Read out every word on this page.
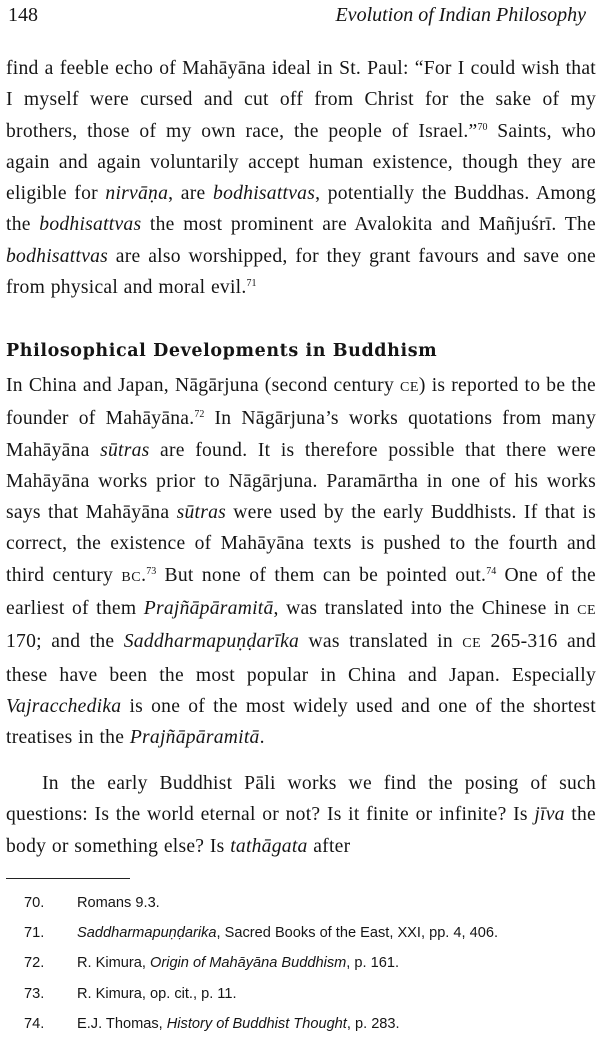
148	Evolution of Indian Philosophy

find a feeble echo of Mahāyāna ideal in St. Paul: “For I could wish that I myself were cursed and cut off from Christ for the sake of my brothers, those of my own race, the people of Israel.”$^{70}$ Saints, who again and again voluntarily accept human existence, though they are eligible for nirvāṇa, are bodhisattvas, potentially the Buddhas. Among the bodhisattvas the most prominent are Avalokita and Mañjuśrī. The bodhisattvas are also worshipped, for they grant favours and save one from physical and moral evil.$^{71}$

Philosophical Developments in Buddhism

In China and Japan, Nāgārjuna (second century CE) is reported to be the founder of Mahāyāna.$^{72}$ In Nāgārjuna’s works quotations from many Mahāyāna sūtras are found. It is therefore possible that there were Mahāyāna works prior to Nāgārjuna. Paramārtha in one of his works says that Mahāyāna sūtras were used by the early Buddhists. If that is correct, the existence of Mahāyāna texts is pushed to the fourth and third century BC.$^{73}$ But none of them can be pointed out.$^{74}$ One of the earliest of them Prajñāpāramitā, was translated into the Chinese in CE 170; and the Saddharmapuṇḍarīka was translated in CE 265-316 and these have been the most popular in China and Japan. Especially Vajracchedika is one of the most widely used and one of the shortest treatises in the Prajñāpāramitā.

In the early Buddhist Pāli works we find the posing of such questions: Is the world eternal or not? Is it finite or infinite? Is jīva the body or something else? Is tathāgata after

70. Romans 9.3.
71. Saddharmapuṇḍarika, Sacred Books of the East, XXI, pp. 4, 406.
72. R. Kimura, Origin of Mahāyāna Buddhism, p. 161.
73. R. Kimura, op. cit., p. 11.
74. E.J. Thomas, History of Buddhist Thought, p. 283.
